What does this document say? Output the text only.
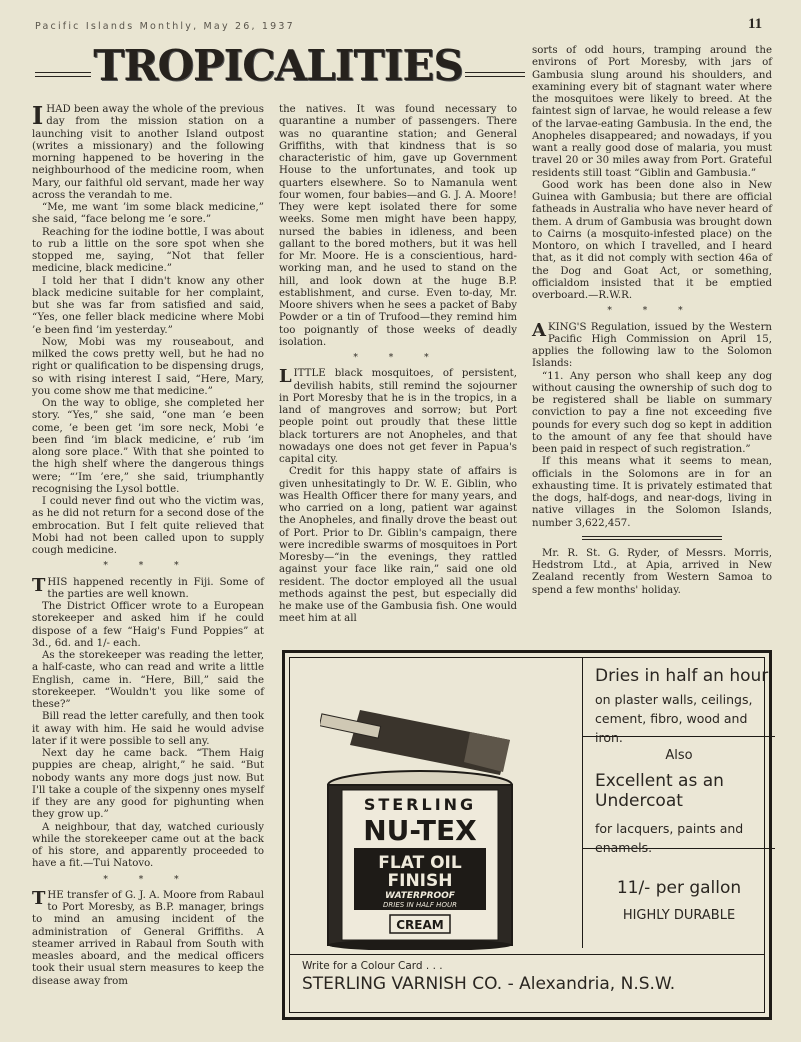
Pacific Islands Monthly, May 26, 1937	11
TROPICALITIES

IHAD been away the whole of the previous day from the mission station on a launching visit to another Island outpost (writes a missionary) and the following morning happened to be hovering in the neighbourhood of the medicine room, when Mary, our faithful old servant, made her way across the verandah to me.

“Me, me want ’im some black medicine,” she said, “face belong me ’e sore.”

Reaching for the iodine bottle, I was about to rub a little on the sore spot when she stopped me, saying, “Not that feller medicine, black medicine.”

I told her that I didn't know any other black medicine suitable for her complaint, but she was far from satisfied and said, “Yes, one feller black medicine where Mobi ’e been find ’im yesterday.”

Now, Mobi was my rouseabout, and milked the cows pretty well, but he had no right or qualification to be dispensing drugs, so with rising interest I said, “Here, Mary, you come show me that medicine.”

On the way to oblige, she completed her story. “Yes,” she said, “one man ’e been come, ’e been get ’im sore neck, Mobi ’e been find ’im black medicine, e’ rub ’im along sore place.” With that she pointed to the high shelf where the dangerous things were; “’Im ’ere,” she said, triumphantly recognising the Lysol bottle.

I could never find out who the victim was, as he did not return for a second dose of the embrocation. But I felt quite relieved that Mobi had not been called upon to supply cough medicine.

* * *

THIS happened recently in Fiji. Some of the parties are well known.

The District Officer wrote to a European storekeeper and asked him if he could dispose of a few “Haig's Fund Poppies” at 3d., 6d. and 1/- each.

As the storekeeper was reading the letter, a half-caste, who can read and write a little English, came in. “Here, Bill,” said the storekeeper. “Wouldn't you like some of these?”

Bill read the letter carefully, and then took it away with him. He said he would advise later if it were possible to sell any.

Next day he came back. “Them Haig puppies are cheap, alright,” he said. “But nobody wants any more dogs just now. But I'll take a couple of the sixpenny ones myself if they are any good for pighunting when they grow up.”

A neighbour, that day, watched curiously while the storekeeper came out at the back of his store, and apparently proceeded to have a fit.—Tui Natovo.

* * *

THE transfer of G. J. A. Moore from Rabaul to Port Moresby, as B.P. manager, brings to mind an amusing incident of the administration of General Griffiths. A steamer arrived in Rabaul from South with measles aboard, and the medical officers took their usual stern measures to keep the disease away from

the natives. It was found necessary to quarantine a number of passengers. There was no quarantine station; and General Griffiths, with that kindness that is so characteristic of him, gave up Government House to the unfortunates, and took up quarters elsewhere. So to Namanula went four women, four babies—and G. J. A. Moore! They were kept isolated there for some weeks. Some men might have been happy, nursed the babies in idleness, and been gallant to the bored mothers, but it was hell for Mr. Moore. He is a conscientious, hard-working man, and he used to stand on the hill, and look down at the huge B.P. establishment, and curse. Even to-day, Mr. Moore shivers when he sees a packet of Baby Powder or a tin of Trufood—they remind him too poignantly of those weeks of deadly isolation.

* * *

LITTLE black mosquitoes, of persistent, devilish habits, still remind the sojourner in Port Moresby that he is in the tropics, in a land of mangroves and sorrow; but Port people point out proudly that these little black torturers are not Anopheles, and that nowadays one does not get fever in Papua's capital city.

Credit for this happy state of affairs is given unhesitatingly to Dr. W. E. Giblin, who was Health Officer there for many years, and who carried on a long, patient war against the Anopheles, and finally drove the beast out of Port. Prior to Dr. Giblin's campaign, there were incredible swarms of mosquitoes in Port Moresby—“in the evenings, they rattled against your face like rain,” said one old resident. The doctor employed all the usual methods against the pest, but especially did he make use of the Gambusia fish. One would meet him at all

sorts of odd hours, tramping around the environs of Port Moresby, with jars of Gambusia slung around his shoulders, and examining every bit of stagnant water where the mosquitoes were likely to breed. At the faintest sign of larvae, he would release a few of the larvae-eating Gambusia. In the end, the Anopheles disappeared; and nowadays, if you want a really good dose of malaria, you must travel 20 or 30 miles away from Port. Grateful residents still toast “Giblin and Gambusia.”

Good work has been done also in New Guinea with Gambusia; but there are official fatheads in Australia who have never heard of them. A drum of Gambusia was brought down to Cairns (a mosquito-infested place) on the Montoro, on which I travelled, and I heard that, as it did not comply with section 46a of the Dog and Goat Act, or something, officialdom insisted that it be emptied overboard.—R.W.R.

* * *

AKING'S Regulation, issued by the Western Pacific High Commission on April 15, applies the following law to the Solomon Islands:

“11. Any person who shall keep any dog without causing the ownership of such dog to be registered shall be liable on summary conviction to pay a fine not exceeding five pounds for every such dog so kept in addition to the amount of any fee that should have been paid in respect of such registration.”

If this means what it seems to mean, officials in the Solomons are in for an exhausting time. It is privately estimated that the dogs, half-dogs, and near-dogs, living in native villages in the Solomon Islands, number 3,622,457.

Mr. R. St. G. Ryder, of Messrs. Morris, Hedstrom Ltd., at Apia, arrived in New Zealand recently from Western Samoa to spend a few months' holiday.

STERLING
NU-TEX
FLAT OIL
FINISH
WATERPROOF
DRIES IN HALF HOUR
CREAM
Dries in half an hour
on plaster walls, ceilings, cement, fibro, wood and iron.
Also
Excellent as an Undercoat
for lacquers, paints and enamels.
11/- per gallon
HIGHLY DURABLE
Write for a Colour Card . . .
STERLING VARNISH CO. - Alexandria, N.S.W.
